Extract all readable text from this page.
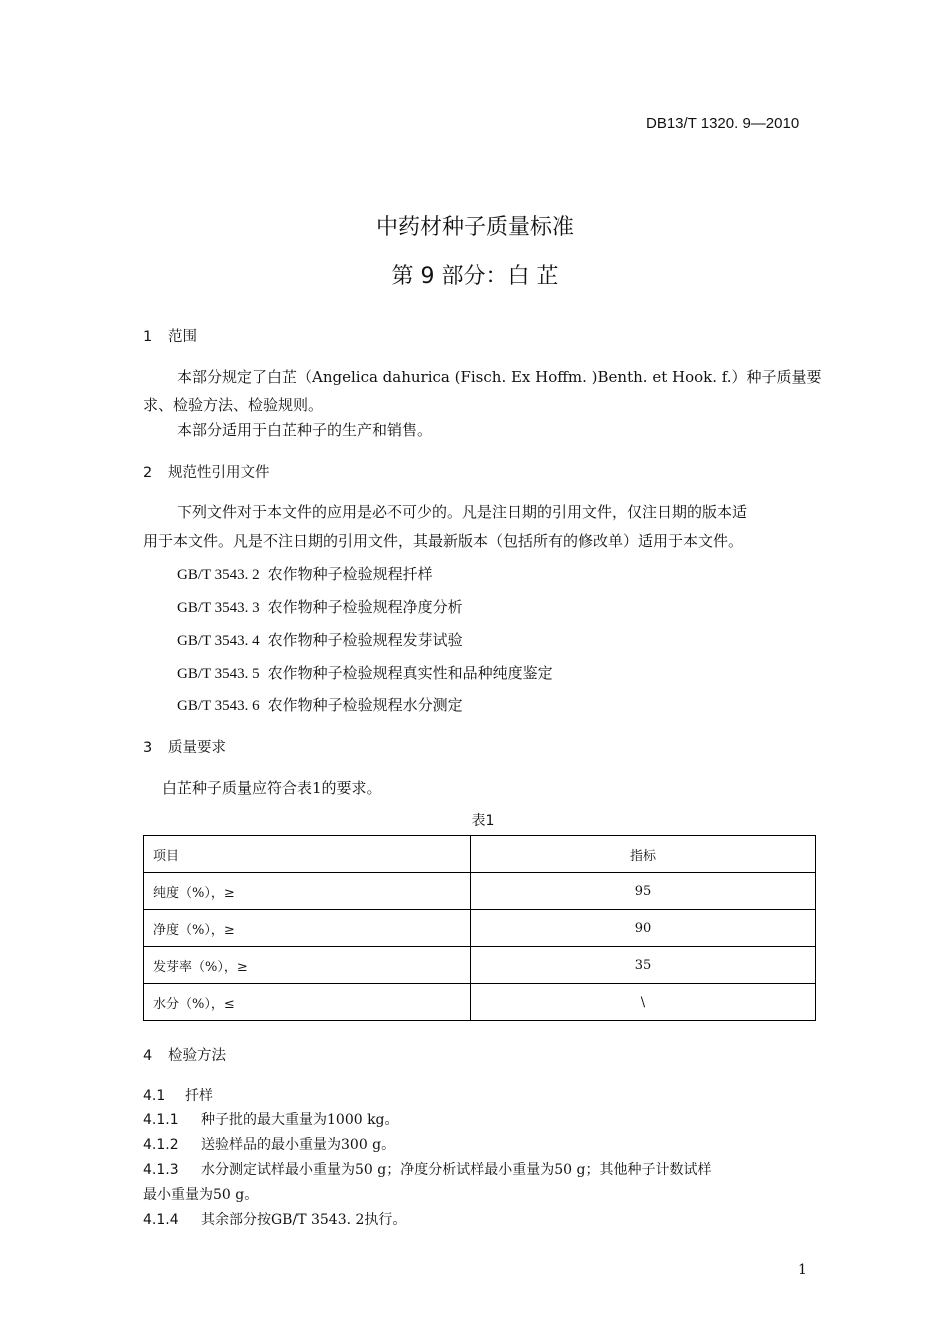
DB13/T 1320. 9—2010
中药材种子质量标准
第 9 部分：白 芷
1 范围
本部分规定了白芷（Angelica dahurica (Fisch. Ex Hoffm. )Benth. et Hook. f.）种子质量要
求、检验方法、检验规则。
本部分适用于白芷种子的生产和销售。
2 规范性引用文件
下列文件对于本文件的应用是必不可少的。凡是注日期的引用文件，仅注日期的版本适
用于本文件。凡是不注日期的引用文件，其最新版本（包括所有的修改单）适用于本文件。
GB/T 3543. 2 农作物种子检验规程扦样
GB/T 3543. 3 农作物种子检验规程净度分析
GB/T 3543. 4 农作物种子检验规程发芽试验
GB/T 3543. 5 农作物种子检验规程真实性和品种纯度鉴定
GB/T 3543. 6 农作物种子检验规程水分测定
3 质量要求
白芷种子质量应符合表1的要求。
表1
项目	指标
纯度（%），≥	95
净度（%），≥	90
发芽率（%），≥	35
水分（%），≤	\
4 检验方法
4.1 扦样
4.1.1 种子批的最大重量为1000 kg。
4.1.2 送验样品的最小重量为300 g。
4.1.3 水分测定试样最小重量为50 g；净度分析试样最小重量为50 g；其他种子计数试样
最小重量为50 g。
4.1.4 其余部分按GB/T 3543. 2执行。
1
